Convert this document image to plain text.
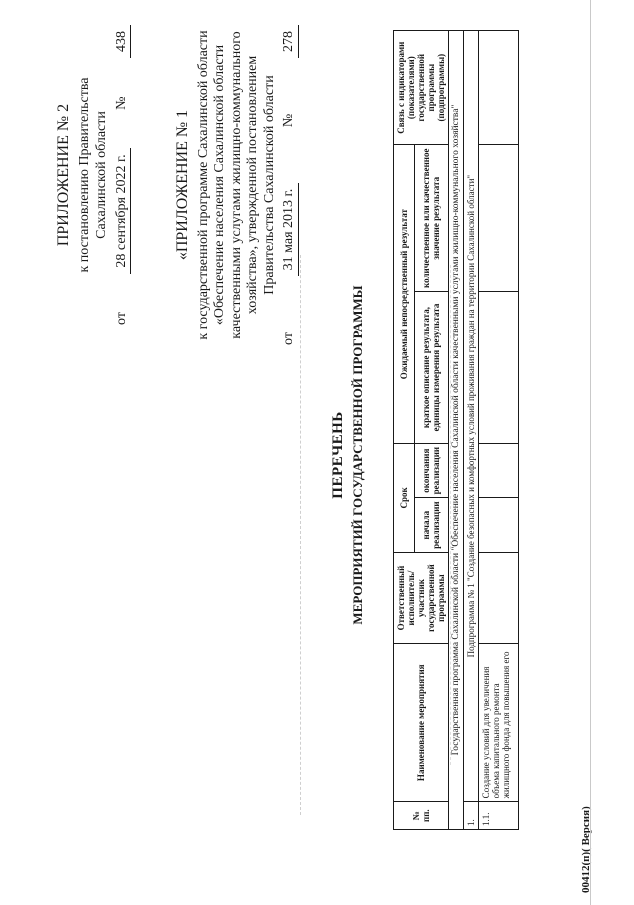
ПРИЛОЖЕНИЕ № 2 к постановлению Правительства Сахалинской области
от
28 сентября 2022 г.
№
438
«ПРИЛОЖЕНИЕ № 1 к государственной программе Сахалинской области «Обеспечение населения Сахалинской области качественными услугами жилищно-коммунального хозяйства», утвержденной постановлением Правительства Сахалинской области
от
31 мая 2013 г.
№
278
ПЕРЕЧЕНЬ МЕРОПРИЯТИЙ ГОСУДАРСТВЕННОЙ ПРОГРАММЫ
№ пп.	Наименование мероприятия	Ответственный исполнитель/участник государственной программы	Срок		Ожидаемый непосредственный результат		Связь с индикаторами (показателями) государственной программы (подпрограммы)
			начала реализации	окончания реализации	краткое описание результата, единицы измерения результата	количественное или качественное значение результата	
Государственная программа Сахалинской области "Обеспечение населения Сахалинской области качественными услугами жилищно-коммунального хозяйства"							
1.	Подпрограмма № 1 "Создание безопасных и комфортных условий проживания граждан на территории Сахалинской области"						
1.1.	Создание условий для увеличения объема капитального ремонта жилищного фонда для повышения его						
00412(п)( Версия)
